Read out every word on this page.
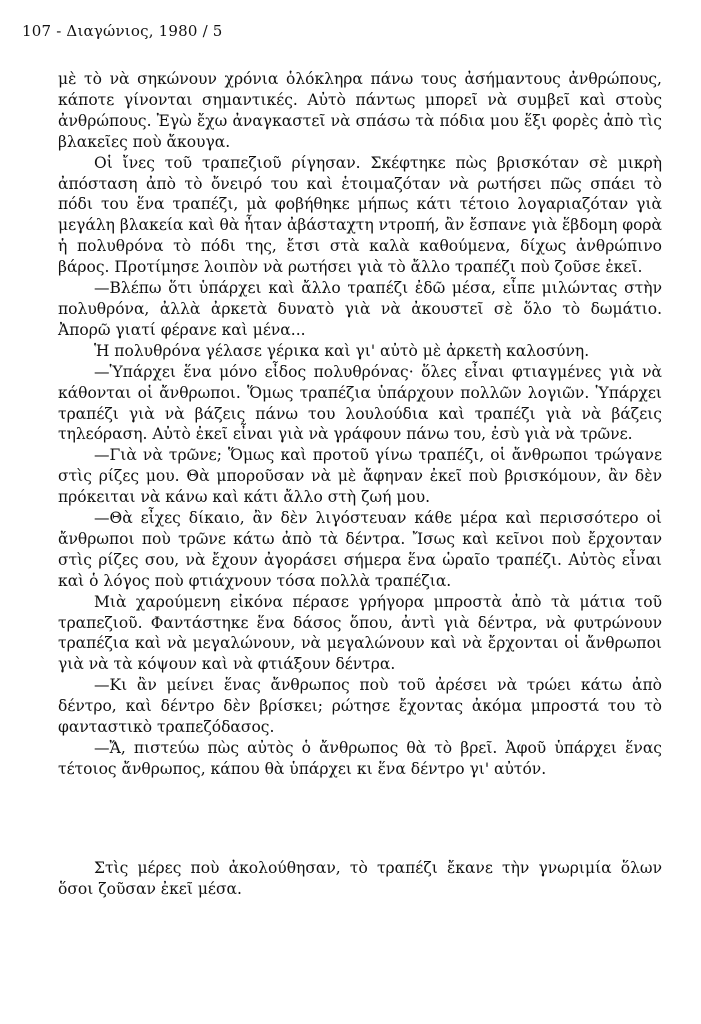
107 - Διαγώνιος, 1980 / 5

μὲ τὸ νὰ σηκώνουν χρόνια ὁλόκληρα πάνω τους ἀσήμαντους ἀνθρώπους, κάποτε γίνονται σημαντικές. Αὐτὸ πάντως μπορεῖ νὰ συμβεῖ καὶ στοὺς ἀνθρώπους. Ἐγὼ ἔχω ἀναγκαστεῖ νὰ σπάσω τὰ πόδια μου ἕξι φορὲς ἀπὸ τὶς βλακεῖες ποὺ ἄκουγα.

Οἱ ἴνες τοῦ τραπεζιοῦ ρίγησαν. Σκέφτηκε πὼς βρισκόταν σὲ μικρὴ ἀπόσταση ἀπὸ τὸ ὄνειρό του καὶ ἑτοιμαζόταν νὰ ρωτήσει πῶς σπάει τὸ πόδι του ἕνα τραπέζι, μὰ φοβήθηκε μήπως κάτι τέτοιο λογαριαζόταν γιὰ μεγάλη βλακεία καὶ θὰ ἦταν ἀβάσταχτη ντροπή, ἂν ἔσπανε γιὰ ἕβδομη φορὰ ἡ πολυθρόνα τὸ πόδι της, ἔτσι στὰ καλὰ καθούμενα, δίχως ἀνθρώπινο βάρος. Προτίμησε λοιπὸν νὰ ρωτήσει γιὰ τὸ ἄλλο τραπέζι ποὺ ζοῦσε ἐκεῖ.

—Βλέπω ὅτι ὑπάρχει καὶ ἄλλο τραπέζι ἐδῶ μέσα, εἶπε μιλώντας στὴν πολυθρόνα, ἀλλὰ ἀρκετὰ δυνατὸ γιὰ νὰ ἀκουστεῖ σὲ ὅλο τὸ δωμάτιο. Ἀπορῶ γιατί φέρανε καὶ μένα...

Ἡ πολυθρόνα γέλασε γέρικα καὶ γι' αὐτὸ μὲ ἀρκετὴ καλοσύνη.

—Ὑπάρχει ἕνα μόνο εἶδος πολυθρόνας· ὅλες εἶναι φτιαγμένες γιὰ νὰ κάθονται οἱ ἄνθρωποι. Ὅμως τραπέζια ὑπάρχουν πολλῶν λογιῶν. Ὑπάρχει τραπέζι γιὰ νὰ βάζεις πάνω του λουλούδια καὶ τραπέζι γιὰ νὰ βάζεις τηλεόραση. Αὐτὸ ἐκεῖ εἶναι γιὰ νὰ γράφουν πάνω του, ἐσὺ γιὰ νὰ τρῶνε.

—Γιὰ νὰ τρῶνε; Ὅμως καὶ προτοῦ γίνω τραπέζι, οἱ ἄνθρωποι τρώγανε στὶς ρίζες μου. Θὰ μποροῦσαν νὰ μὲ ἄφηναν ἐκεῖ ποὺ βρισκόμουν, ἂν δὲν πρόκειται νὰ κάνω καὶ κάτι ἄλλο στὴ ζωή μου.

—Θὰ εἶχες δίκαιο, ἂν δὲν λιγόστευαν κάθε μέρα καὶ περισσότερο οἱ ἄνθρωποι ποὺ τρῶνε κάτω ἀπὸ τὰ δέντρα. Ἴσως καὶ κεῖνοι ποὺ ἔρχονταν στὶς ρίζες σου, νὰ ἔχουν ἀγοράσει σήμερα ἕνα ὡραῖο τραπέζι. Αὐτὸς εἶναι καὶ ὁ λόγος ποὺ φτιάχνουν τόσα πολλὰ τραπέζια.

Μιὰ χαρούμενη εἰκόνα πέρασε γρήγορα μπροστὰ ἀπὸ τὰ μάτια τοῦ τραπεζιοῦ. Φαντάστηκε ἕνα δάσος ὅπου, ἀντὶ γιὰ δέντρα, νὰ φυτρώνουν τραπέζια καὶ νὰ μεγαλώνουν, νὰ μεγαλώνουν καὶ νὰ ἔρχονται οἱ ἄνθρωποι γιὰ νὰ τὰ κόψουν καὶ νὰ φτιάξουν δέντρα.

—Κι ἂν μείνει ἕνας ἄνθρωπος ποὺ τοῦ ἀρέσει νὰ τρώει κάτω ἀπὸ δέντρο, καὶ δέντρο δὲν βρίσκει; ρώτησε ἔχοντας ἀκόμα μπροστά του τὸ φανταστικὸ τραπεζόδασος.

—Ἄ, πιστεύω πὼς αὐτὸς ὁ ἄνθρωπος θὰ τὸ βρεῖ. Ἀφοῦ ὑπάρχει ἕνας τέτοιος ἄνθρωπος, κάπου θὰ ὑπάρχει κι ἕνα δέντρο γι' αὐτόν.

Στὶς μέρες ποὺ ἀκολούθησαν, τὸ τραπέζι ἔκανε τὴν γνωριμία ὅλων ὅσοι ζοῦσαν ἐκεῖ μέσα.
